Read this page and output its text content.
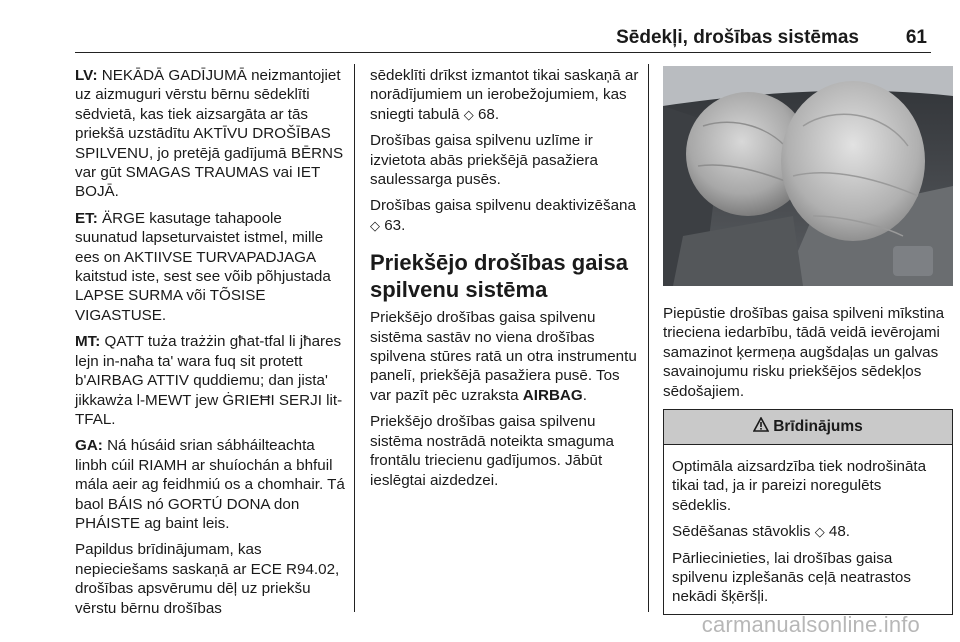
Sēdekļi, drošības sistēmas 61

LV: NEKĀDĀ GADĪJUMĀ neizmantojiet uz aizmuguri vērstu bērnu sēdeklīti sēdvietā, kas tiek aizsargāta ar tās priekšā uzstādītu AKTĪVU DROŠĪBAS SPILVENU, jo pretējā gadījumā BĒRNS var gūt SMAGAS TRAUMAS vai IET BOJĀ.

ET: ÄRGE kasutage tahapoole suunatud lapseturvaistet istmel, mille ees on AKTIIVSE TURVAPADJAGA kaitstud iste, sest see võib põhjustada LAPSE SURMA või TÕSISE VIGASTUSE.

MT: QATT tuża trażżin għat-tfal li jħares lejn in-naħa ta' wara fuq sit protett b'AIRBAG ATTIV quddiemu; dan jista' jikkawża l-MEWT jew ĠRIEĦI SERJI lit-TFAL.

GA: Ná húsáid srian sábháilteachta linbh cúil RIAMH ar shuíochán a bhfuil mála aeir ag feidhmiú os a chomhair. Tá baol BÁIS nó GORTÚ DONA don PHÁISTE ag baint leis.

Papildus brīdinājumam, kas nepieciešams saskaņā ar ECE R94.02, drošības apsvērumu dēļ uz priekšu vērstu bērnu drošības

sēdeklīti drīkst izmantot tikai saskaņā ar norādījumiem un ierobežojumiem, kas sniegti tabulā ◇ 68.

Drošības gaisa spilvenu uzlīme ir izvietota abās priekšējā pasažiera saulessarga pusēs.

Drošības gaisa spilvenu deaktivizēšana ◇ 63.

Priekšējo drošības gaisa spilvenu sistēma

Priekšējo drošības gaisa spilvenu sistēma sastāv no viena drošības spilvena stūres ratā un otra instrumentu panelī, priekšējā pasažiera pusē. Tos var pazīt pēc uzraksta AIRBAG.

Priekšējo drošības gaisa spilvenu sistēma nostrādā noteikta smaguma frontālu triecienu gadījumos. Jābūt ieslēgtai aizdedzei.

Piepūstie drošības gaisa spilveni mīkstina trieciena iedarbību, tādā veidā ievērojami samazinot ķermeņa augšdaļas un galvas savainojumu risku priekšējos sēdekļos sēdošajiem.

Brīdinājums

Optimāla aizsardzība tiek nodrošināta tikai tad, ja ir pareizi noregulēts sēdeklis.

Sēdēšanas stāvoklis ◇ 48.

Pārliecinieties, lai drošības gaisa spilvenu izplešanās ceļā neatrastos nekādi šķēršļi.

carmanualsonline.info
